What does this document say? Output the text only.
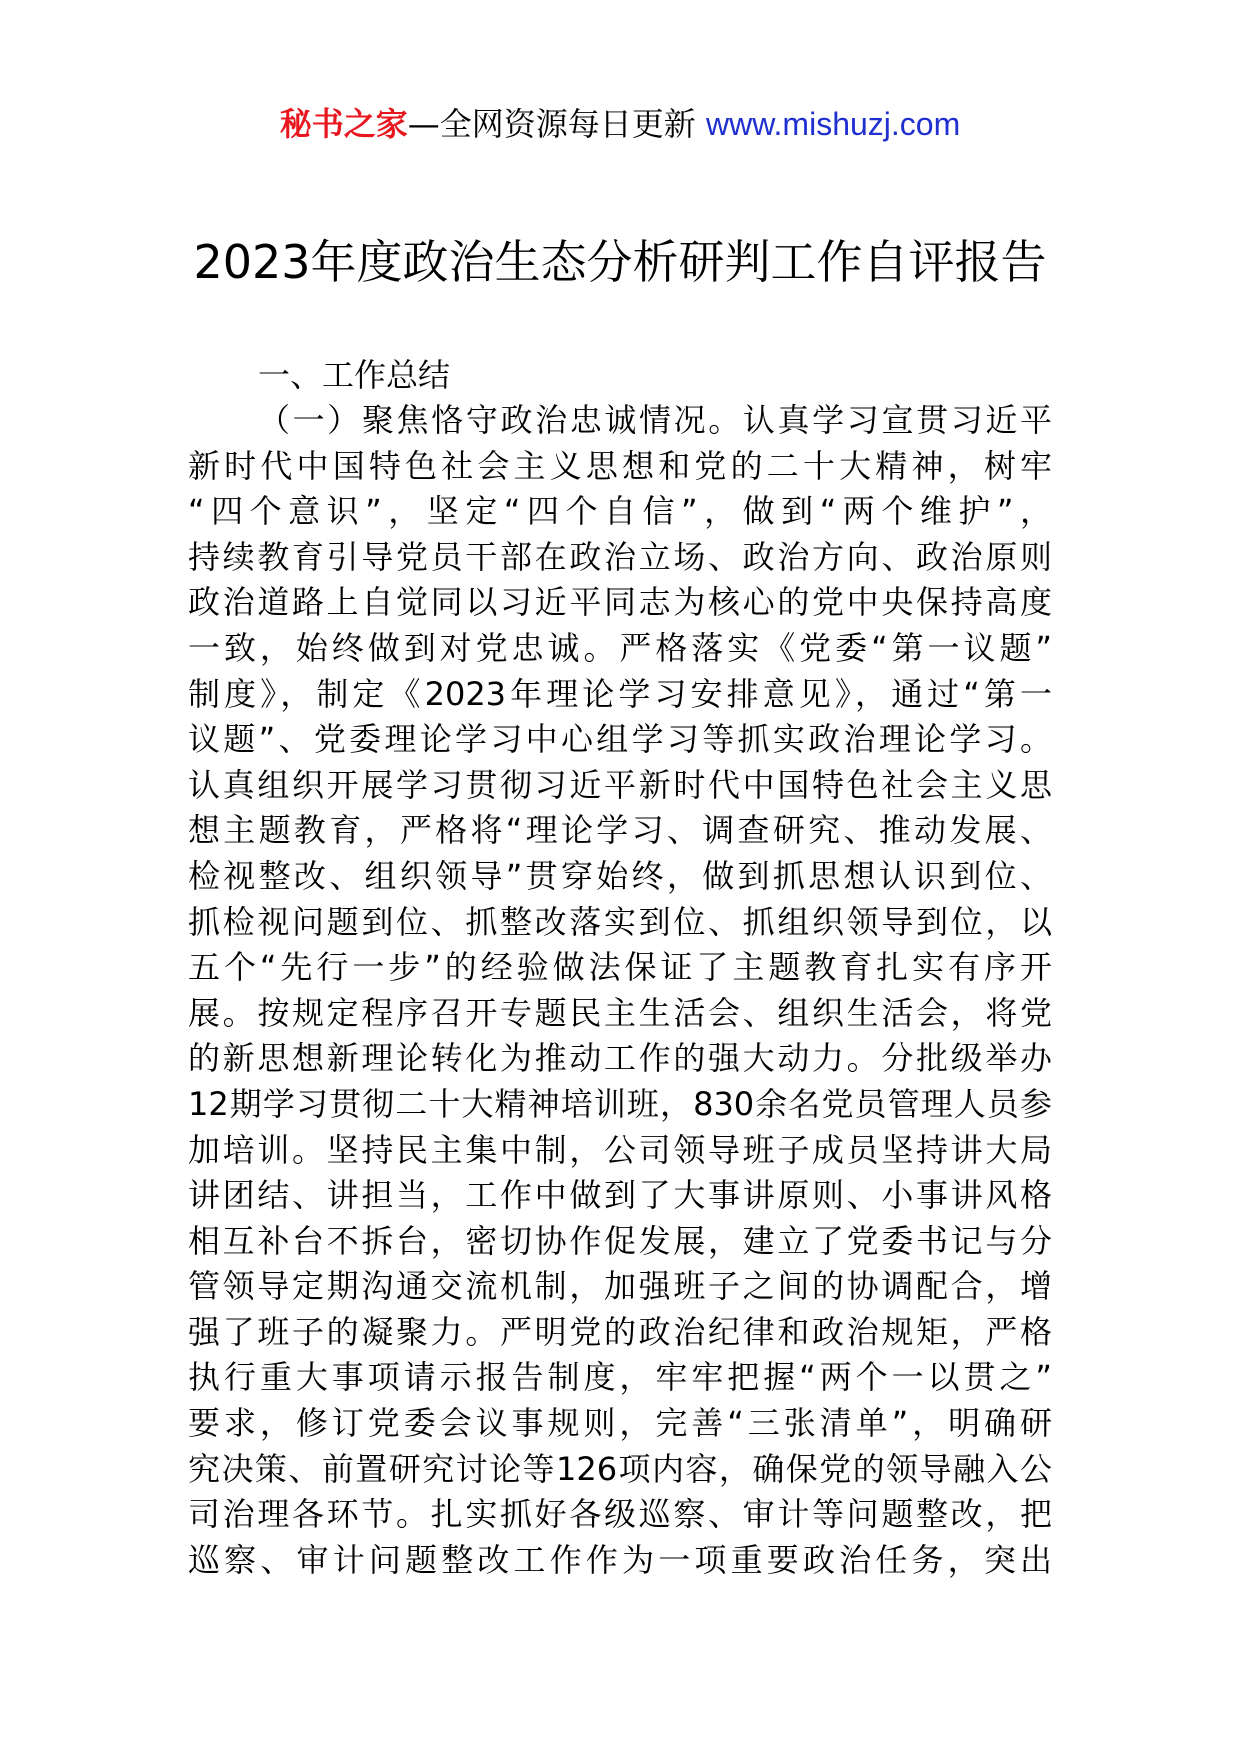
秘书之家—全网资源每日更新 www.mishuzj.com
2023年度政治生态分析研判工作自评报告
一、工作总结
（一）聚焦恪守政治忠诚情况。认真学习宣贯习近平
新时代中国特色社会主义思想和党的二十大精神，树牢
“四个意识”，坚定“四个自信”，做到“两个维护”，
持续教育引导党员干部在政治立场、政治方向、政治原则
政治道路上自觉同以习近平同志为核心的党中央保持高度
一致，始终做到对党忠诚。严格落实《党委“第一议题”
制度》，制定《2023年理论学习安排意见》，通过“第一
议题”、党委理论学习中心组学习等抓实政治理论学习。
认真组织开展学习贯彻习近平新时代中国特色社会主义思
想主题教育，严格将“理论学习、调查研究、推动发展、
检视整改、组织领导”贯穿始终，做到抓思想认识到位、
抓检视问题到位、抓整改落实到位、抓组织领导到位，以
五个“先行一步”的经验做法保证了主题教育扎实有序开
展。按规定程序召开专题民主生活会、组织生活会，将党
的新思想新理论转化为推动工作的强大动力。分批级举办
12期学习贯彻二十大精神培训班，830余名党员管理人员参
加培训。坚持民主集中制，公司领导班子成员坚持讲大局
讲团结、讲担当，工作中做到了大事讲原则、小事讲风格
相互补台不拆台，密切协作促发展，建立了党委书记与分
管领导定期沟通交流机制，加强班子之间的协调配合，增
强了班子的凝聚力。严明党的政治纪律和政治规矩，严格
执行重大事项请示报告制度，牢牢把握“两个一以贯之”
要求，修订党委会议事规则，完善“三张清单”，明确研
究决策、前置研究讨论等126项内容，确保党的领导融入公
司治理各环节。扎实抓好各级巡察、审计等问题整改，把
巡察、审计问题整改工作作为一项重要政治任务，突出
